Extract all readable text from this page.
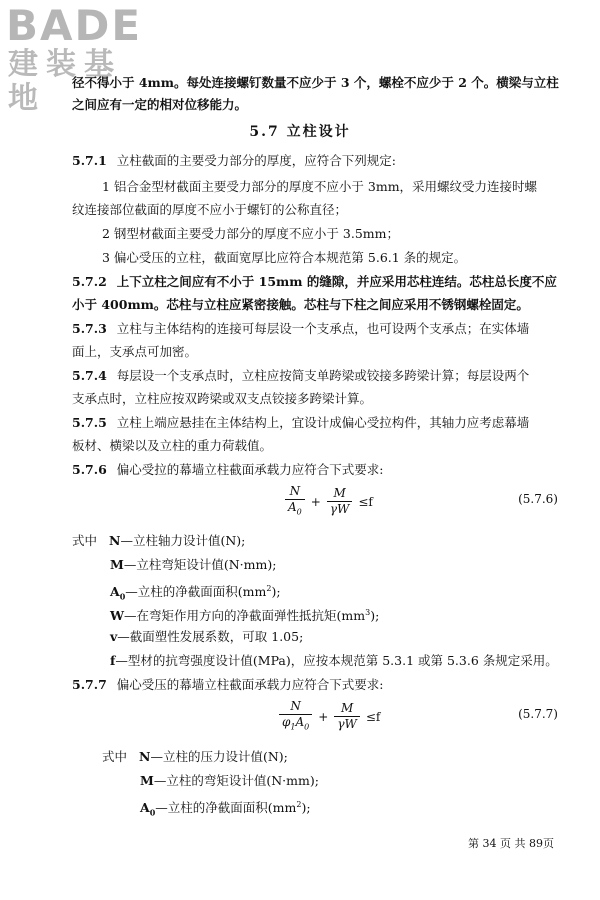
BADE
建装基地	径不得小于 4mm。每处连接螺钉数量不应少于 3 个，螺栓不应少于 2 个。横梁与立柱
之间应有一定的相对位移能力。
5.7 立柱设计
5.7.1 立柱截面的主要受力部分的厚度，应符合下列规定:
1 铝合金型材截面主要受力部分的厚度不应小于 3mm，采用螺纹受力连接时螺
纹连接部位截面的厚度不应小于螺钉的公称直径；
2 钢型材截面主要受力部分的厚度不应小于 3.5mm；
3 偏心受压的立柱，截面宽厚比应符合本规范第 5.6.1 条的规定。
5.7.2 上下立柱之间应有不小于 15mm 的缝隙，并应采用芯柱连结。芯柱总长度不应
小于 400mm。芯柱与立柱应紧密接触。芯柱与下柱之间应采用不锈钢螺栓固定。
5.7.3 立柱与主体结构的连接可每层设一个支承点，也可设两个支承点；在实体墙
面上，支承点可加密。
5.7.4 每层设一个支承点时，立柱应按简支单跨梁或铰接多跨梁计算；每层设两个
支承点时，立柱应按双跨梁或双支点铰接多跨梁计算。
5.7.5 立柱上端应悬挂在主体结构上，宜设计成偏心受拉构件，其轴力应考虑幕墙
板材、横梁以及立柱的重力荷载值。
5.7.6 偏心受拉的幕墙立柱截面承载力应符合下式要求:
$\frac{N}{A_0} + \frac{M}{\gamma W} \le f$	(5.7.6)
式中 N—立柱轴力设计值(N);
M—立柱弯矩设计值(N·mm);
$A_0—$立柱的净截面面积$(mm^2)$;
W—在弯矩作用方向的净截面弹性抵抗矩$(mm^3)$;
v—截面塑性发展系数，可取 1.05;
f—型材的抗弯强度设计值(MPa)，应按本规范第 5.3.1 或第 5.3.6 条规定采用。
5.7.7 偏心受压的幕墙立柱截面承载力应符合下式要求:
$\frac{N}{\varphi_1A_0} + \frac{M}{\gamma W} \le f$	(5.7.7)
式中 N—立柱的压力设计值(N);
M—立柱的弯矩设计值(N·mm);
$A_0—$立柱的净截面面积$(mm^2)$;
第 34 页 共 89页
